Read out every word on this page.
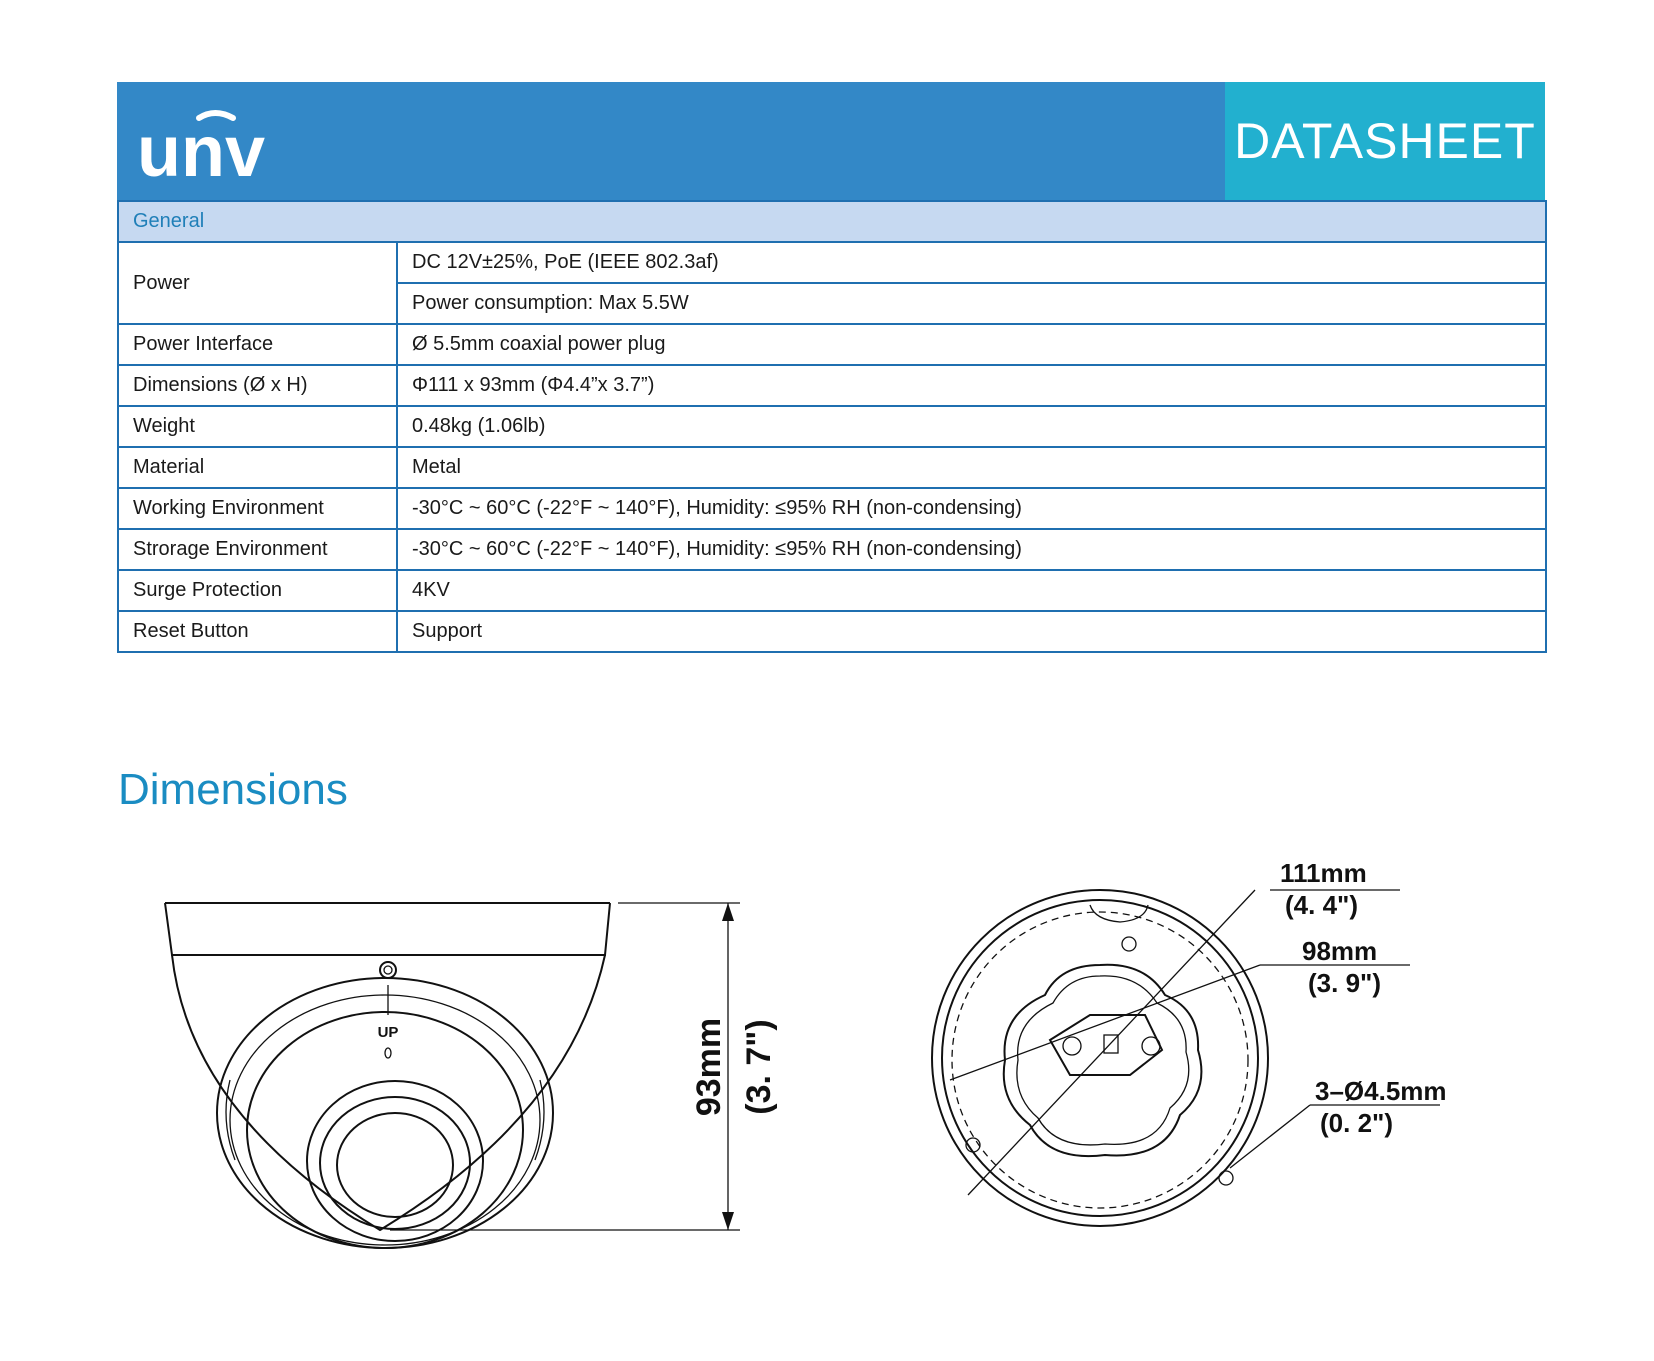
unv	DATASHEET
General	
Power	DC 12V±25%, PoE (IEEE 802.3af)
	Power consumption: Max 5.5W
Power Interface	Ø 5.5mm coaxial power plug
Dimensions (Ø x H)	Φ111 x 93mm (Φ4.4”x 3.7”)
Weight	0.48kg (1.06lb)
Material	Metal
Working Environment	-30°C ~ 60°C (-22°F ~ 140°F), Humidity: ≤95% RH (non-condensing)
Strorage Environment	-30°C ~ 60°C (-22°F ~ 140°F), Humidity: ≤95% RH (non-condensing)
Surge Protection	4KV
Reset Button	Support
Dimensions
UP	93mm (3. 7")
111mm
(4. 4")
98mm
(3. 9")
3–Ø4.5mm
(0. 2")
